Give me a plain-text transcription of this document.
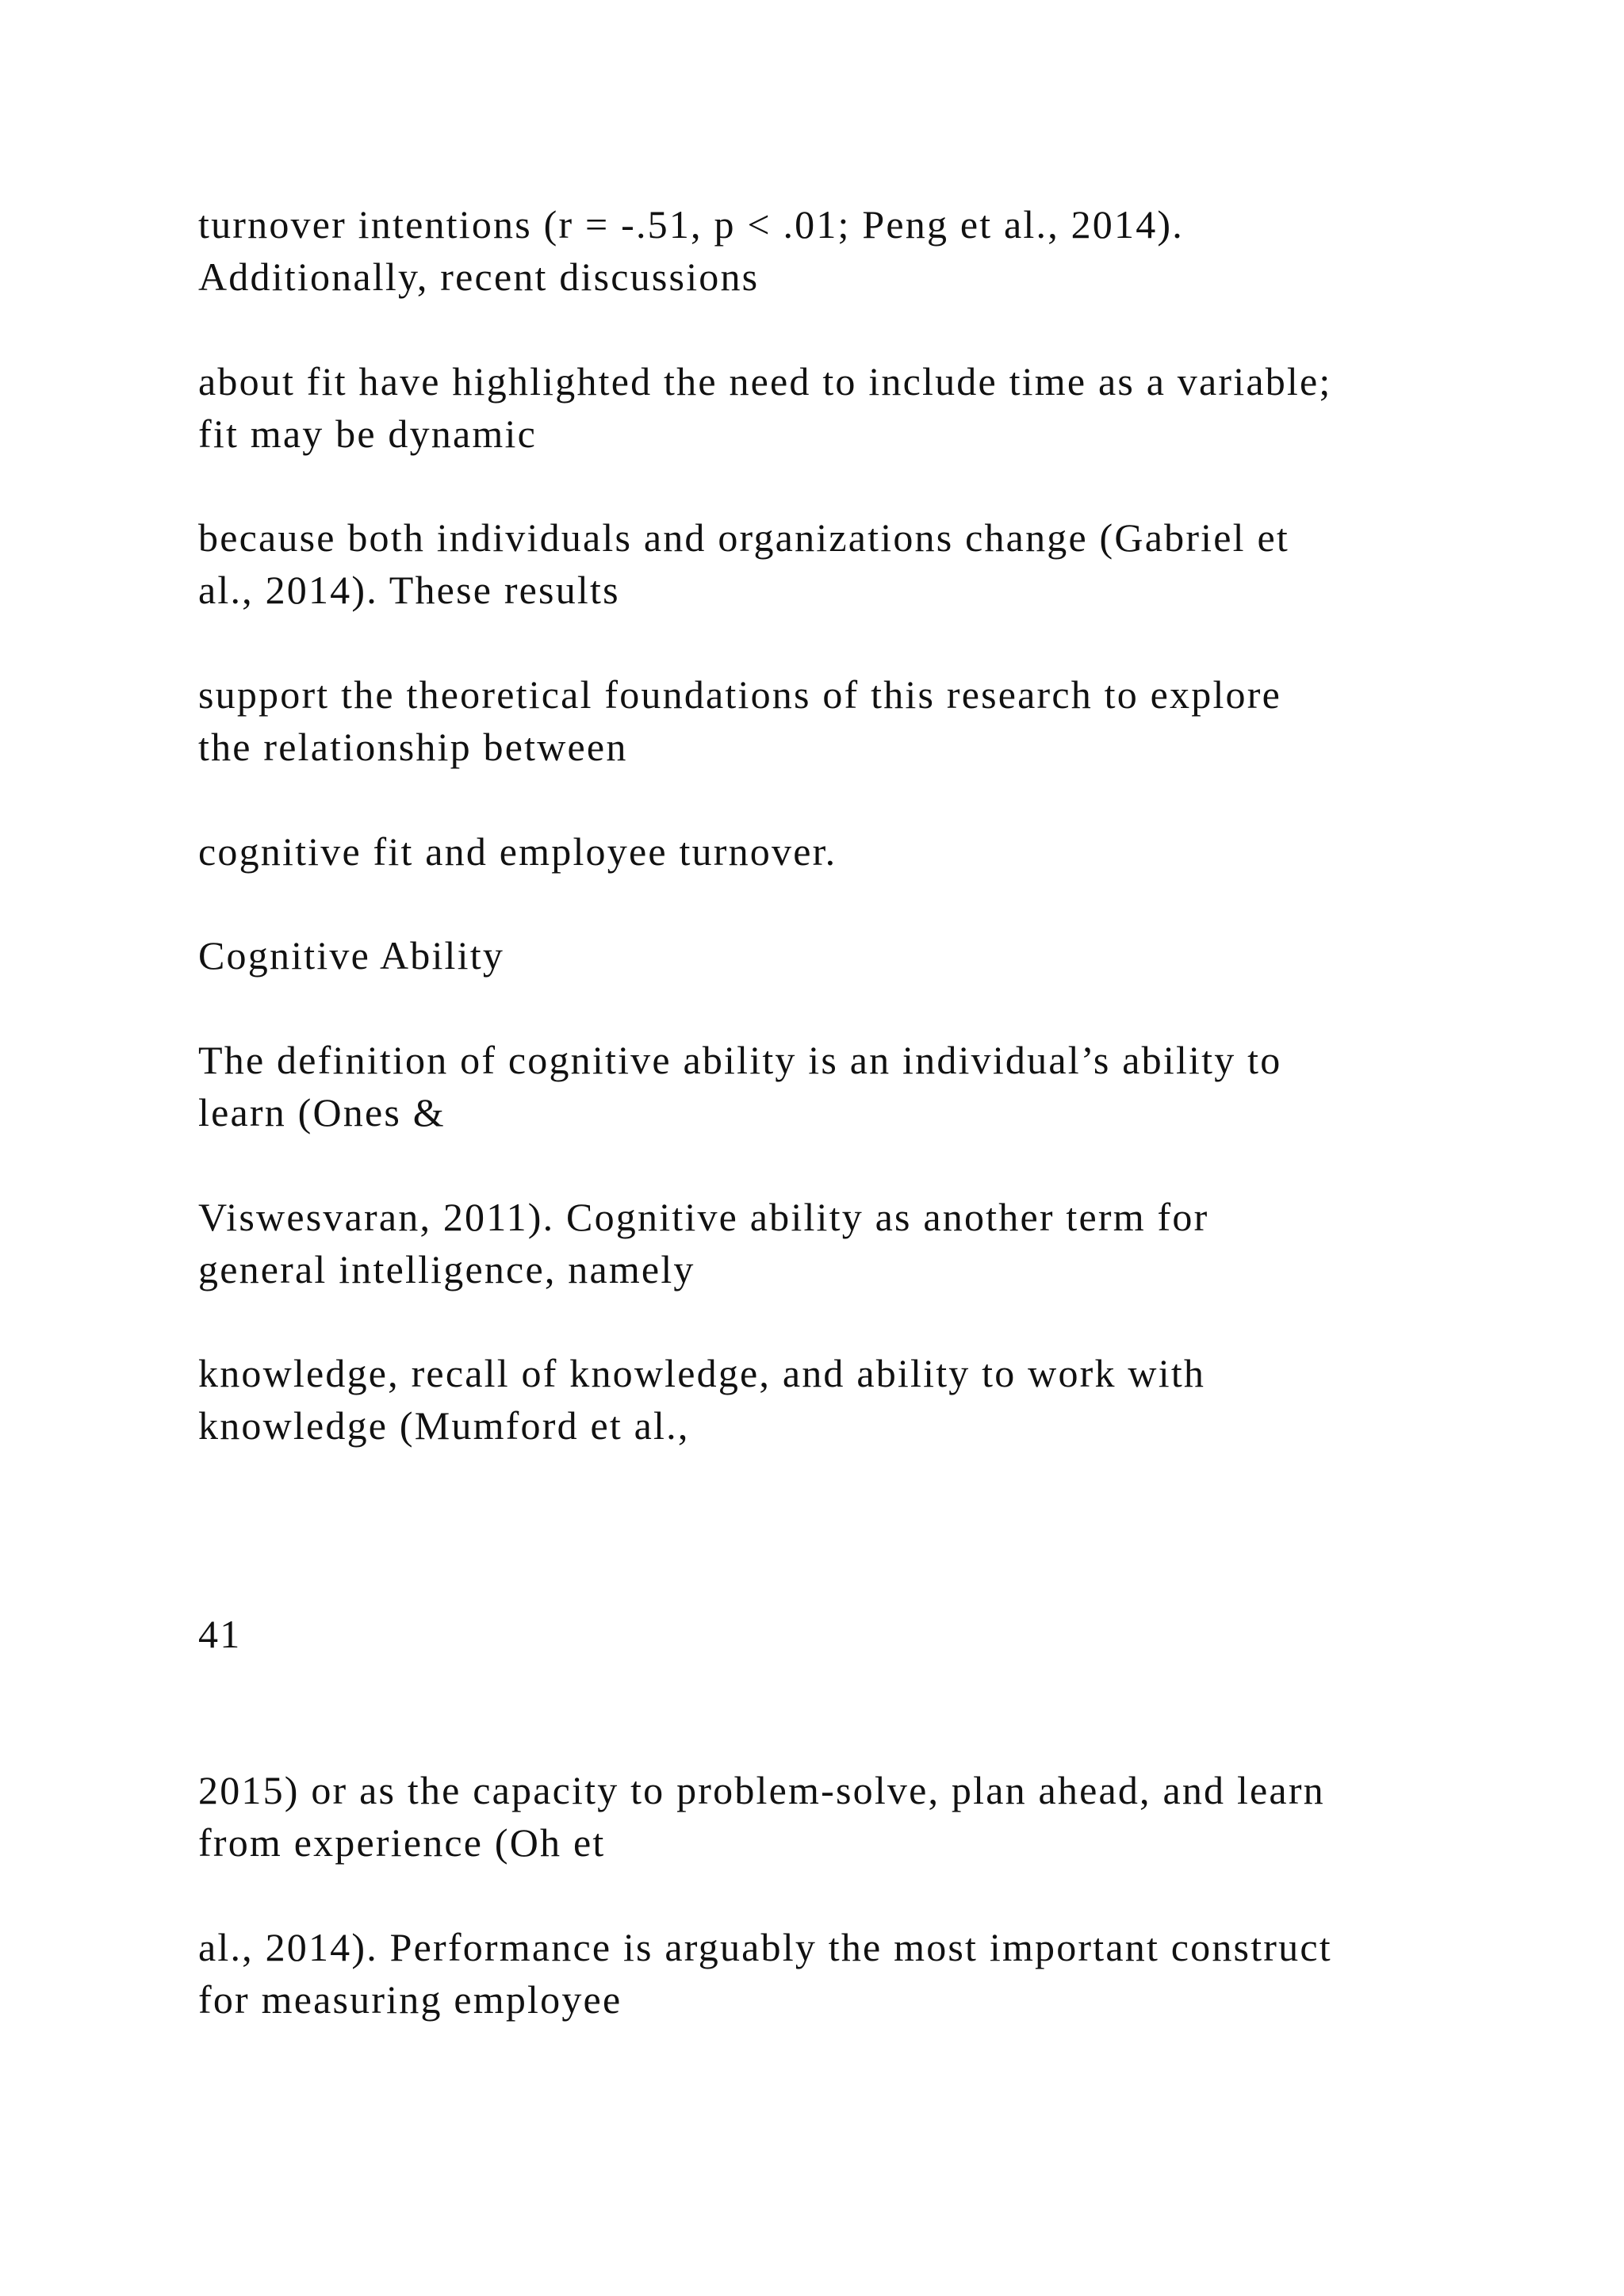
turnover intentions (r = -.51, p < .01; Peng et al., 2014).
Additionally, recent discussions

about fit have highlighted the need to include time as a variable;
fit may be dynamic

because both individuals and organizations change (Gabriel et
al., 2014). These results

support the theoretical foundations of this research to explore
the relationship between

cognitive fit and employee turnover.

Cognitive Ability

The definition of cognitive ability is an individual’s ability to
learn (Ones &

Viswesvaran, 2011). Cognitive ability as another term for
general intelligence, namely

knowledge, recall of knowledge, and ability to work with
knowledge (Mumford et al.,

41

2015) or as the capacity to problem-solve, plan ahead, and learn
from experience (Oh et

al., 2014). Performance is arguably the most important construct
for measuring employee
